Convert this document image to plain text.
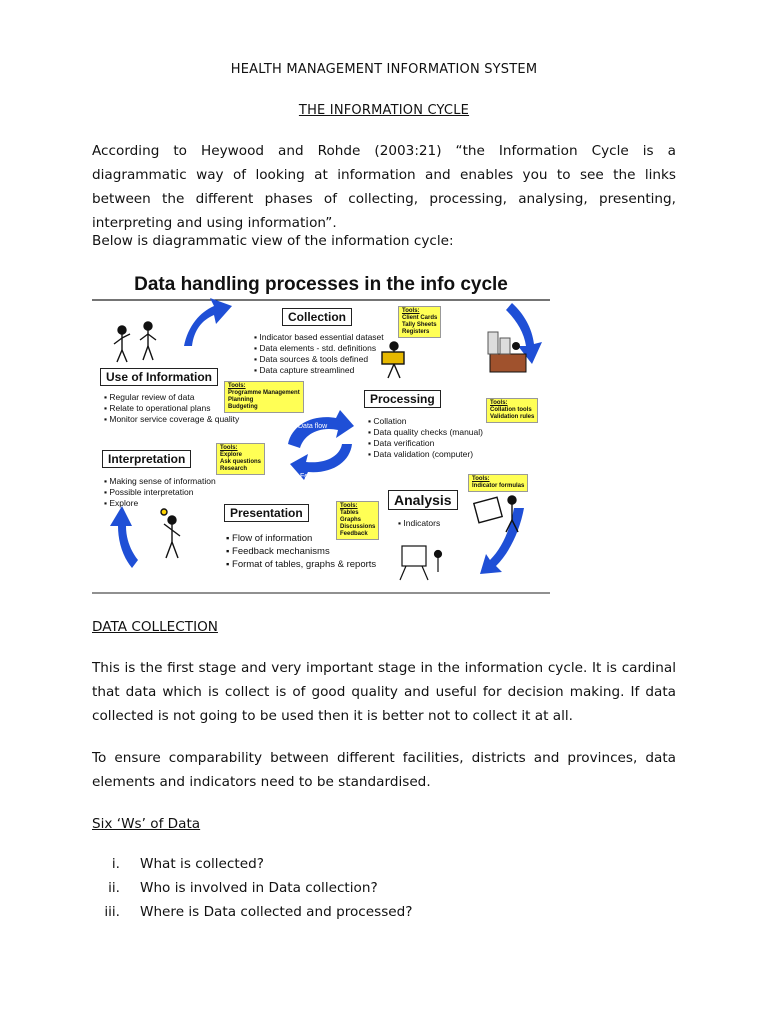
HEALTH MANAGEMENT INFORMATION SYSTEM
THE INFORMATION CYCLE
According to Heywood and Rohde (2003:21) “the Information Cycle is a diagrammatic way of looking at information and enables you to see the links between the different phases of collecting, processing, analysing, presenting, interpreting and using information”.
Below is diagrammatic view of the information cycle:
Data handling processes in the info cycle
Data flow
Feedback
Collection
▪ Indicator based essential dataset
▪ Data elements - std. definitions
▪ Data sources & tools defined
▪ Data capture streamlined
Tools:
Client Cards
Tally Sheets
Registers
Use of Information
▪ Regular review of data
▪ Relate to operational plans
▪ Monitor service coverage & quality
Tools:
Programme Management
Planning
Budgeting
Processing
▪ Collation
▪ Data quality checks (manual)
▪ Data verification
▪ Data validation (computer)
Tools:
Collation tools
Validation rules
Interpretation
▪ Making sense of information
▪ Possible interpretation
▪ Explore
Tools:
Explore
Ask questions
Research
Analysis
▪ Indicators
Tools:
Indicator formulas
Presentation
▪ Flow of information
▪ Feedback mechanisms
▪ Format of tables, graphs & reports
Tools:
Tables
Graphs
Discussions
Feedback
DATA COLLECTION
This is the first stage and very important stage in the information cycle. It is cardinal that data which is collect is of good quality and useful for decision making. If data collected is not going to be used then it is better not to collect it at all.
To ensure comparability between different facilities, districts and provinces, data elements and indicators need to be standardised.
Six ‘Ws’ of Data
i. What is collected?
ii. Who is involved in Data collection?
iii. Where is Data collected and processed?
